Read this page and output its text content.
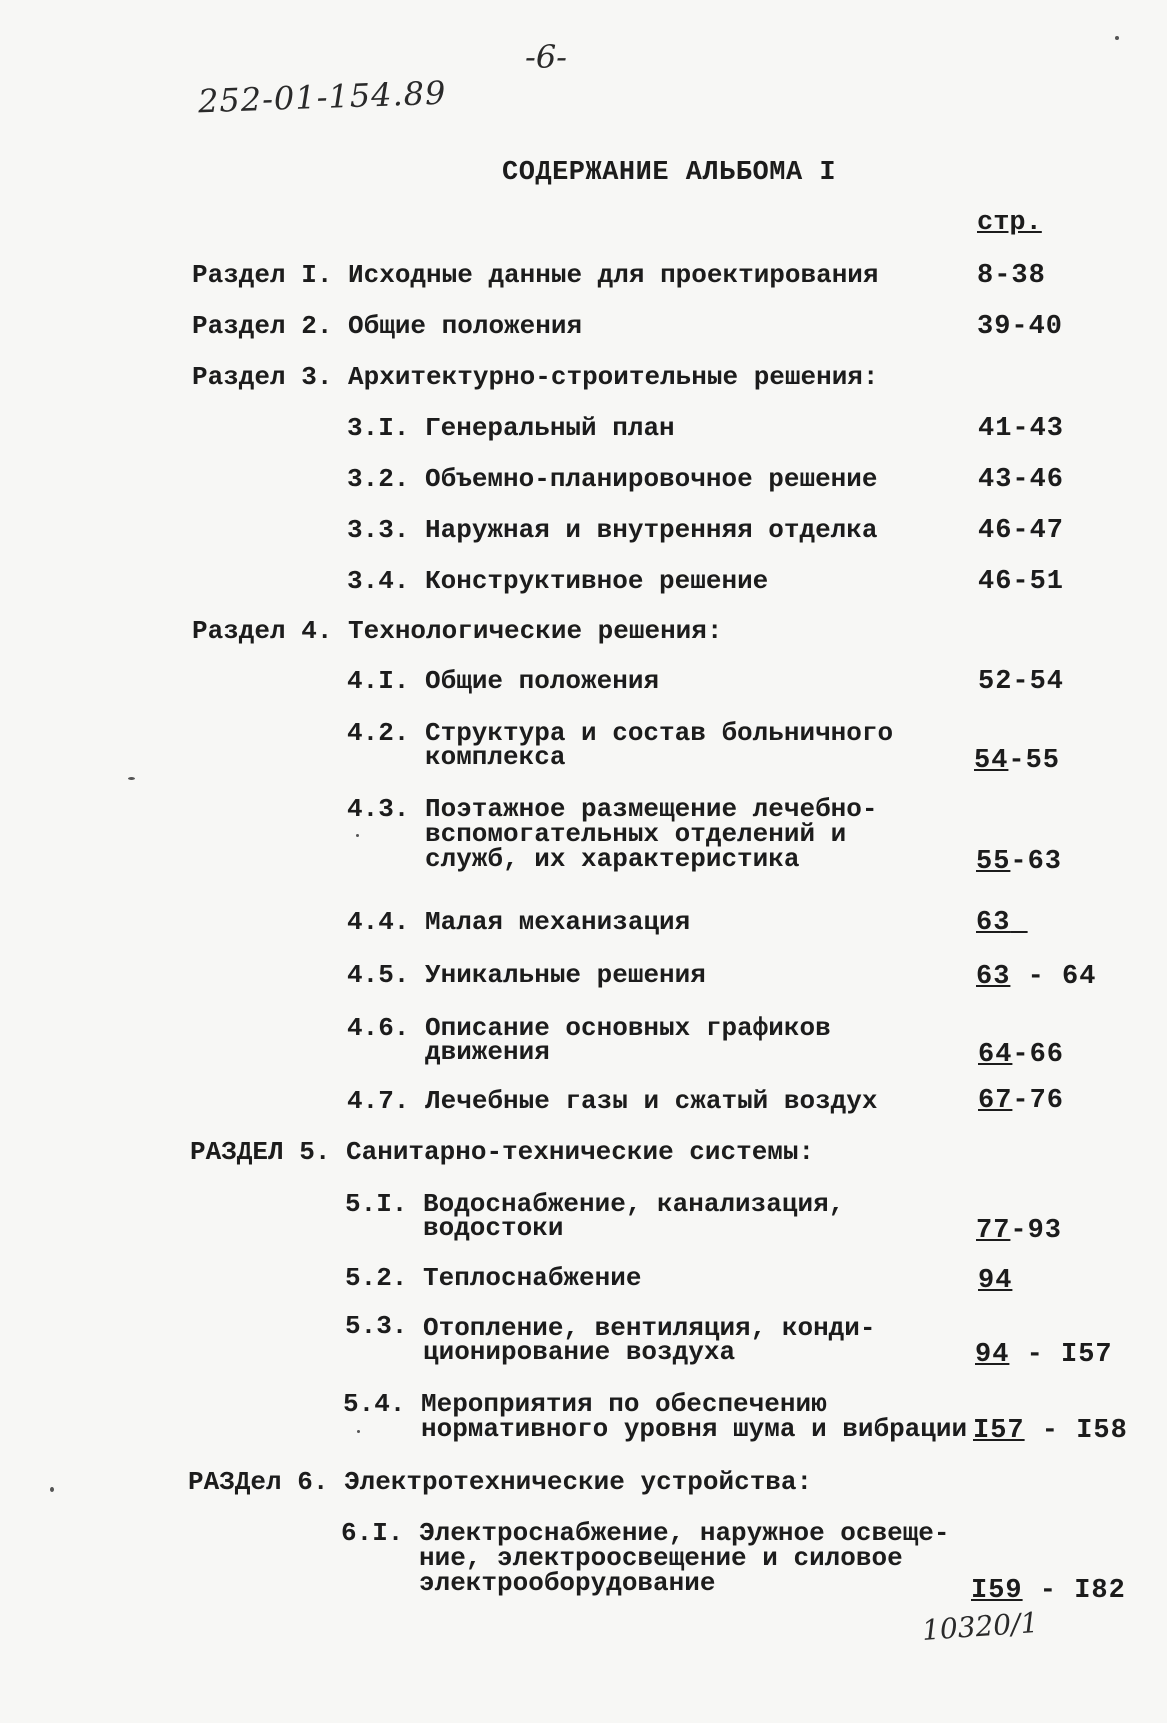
-6-
252-01-154.89
СОДЕРЖАНИЕ АЛЬБОМА I
стр.
Раздел I. Исходные данные для проектирования	8-38
Раздел 2. Общие положения	39-40
Раздел 3. Архитектурно-строительные решения:
3.I. Генеральный план	41-43
3.2. Объемно-планировочное решение	43-46
3.3. Наружная и внутренняя отделка	46-47
3.4. Конструктивное решение	46-51
Раздел 4. Технологические решения:
4.I. Общие положения	52-54
4.2. Структура и состав больничного
комплекса	54-55
4.3. Поэтажное размещение лечебно-
вспомогательных отделений и
служб, их характеристика	55-63
4.4. Малая механизация	63
4.5. Уникальные решения	63 - 64
4.6. Описание основных графиков
движения	64-66
4.7. Лечебные газы и сжатый воздух	67-76
РАЗДЕЛ 5. Санитарно-технические системы:
5.I. Водоснабжение, канализация,
водостоки	77-93
5.2. Теплоснабжение	94
5.3. Отопление, вентиляция, конди-
ционирование воздуха	94 - I57
5.4. Мероприятия по обеспечению
нормативного уровня шума и вибрации I57 - I58
РАЗДел 6. Электротехнические устройства:
6.I. Электроснабжение, наружное освеще-
ние, электроосвещение и силовое
электрооборудование	I59 - I82
10320/1
